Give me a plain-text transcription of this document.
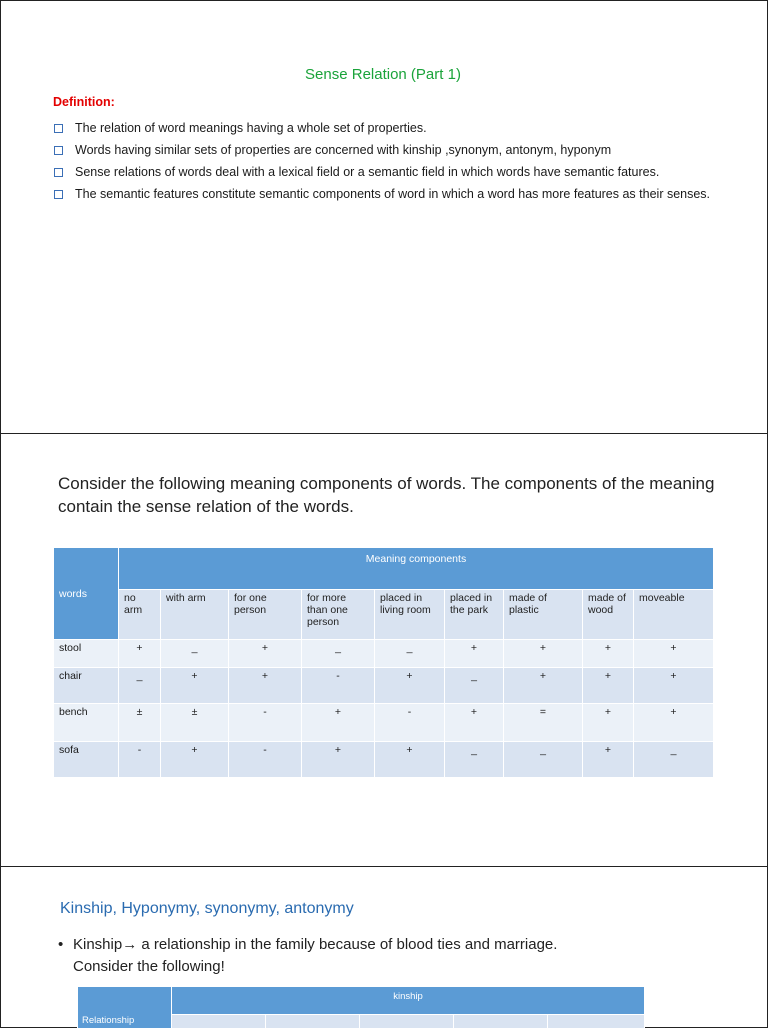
Sense Relation (Part 1)
Definition:
The relation of word meanings having a whole set of properties.
Words having similar sets of properties are concerned with kinship ,synonym, antonym, hyponym
Sense relations of words deal with a lexical field or a semantic field in which words have semantic fatures.
The semantic features constitute semantic components of word in which a word has more features as their senses.
Consider the following meaning components of words. The components of the meaning contain the sense relation of the words.
words	Meaning components								
	no arm	with arm	for one person	for more than one person	placed in living room	placed in the park	made of plastic	made of wood	moveable
stool	+	_	+	_	_	+	+	+	+
chair	_	+	+	-	+	_	+	+	+
bench	±	±	-	+	-	+	=	+	+
sofa	-	+	-	+	+	_	_	+	_
Kinship, Hyponymy, synonymy, antonymy
• Kinship→ a relationship in the family because of blood ties and marriage.
Consider the following!
Relationship	kinship				
